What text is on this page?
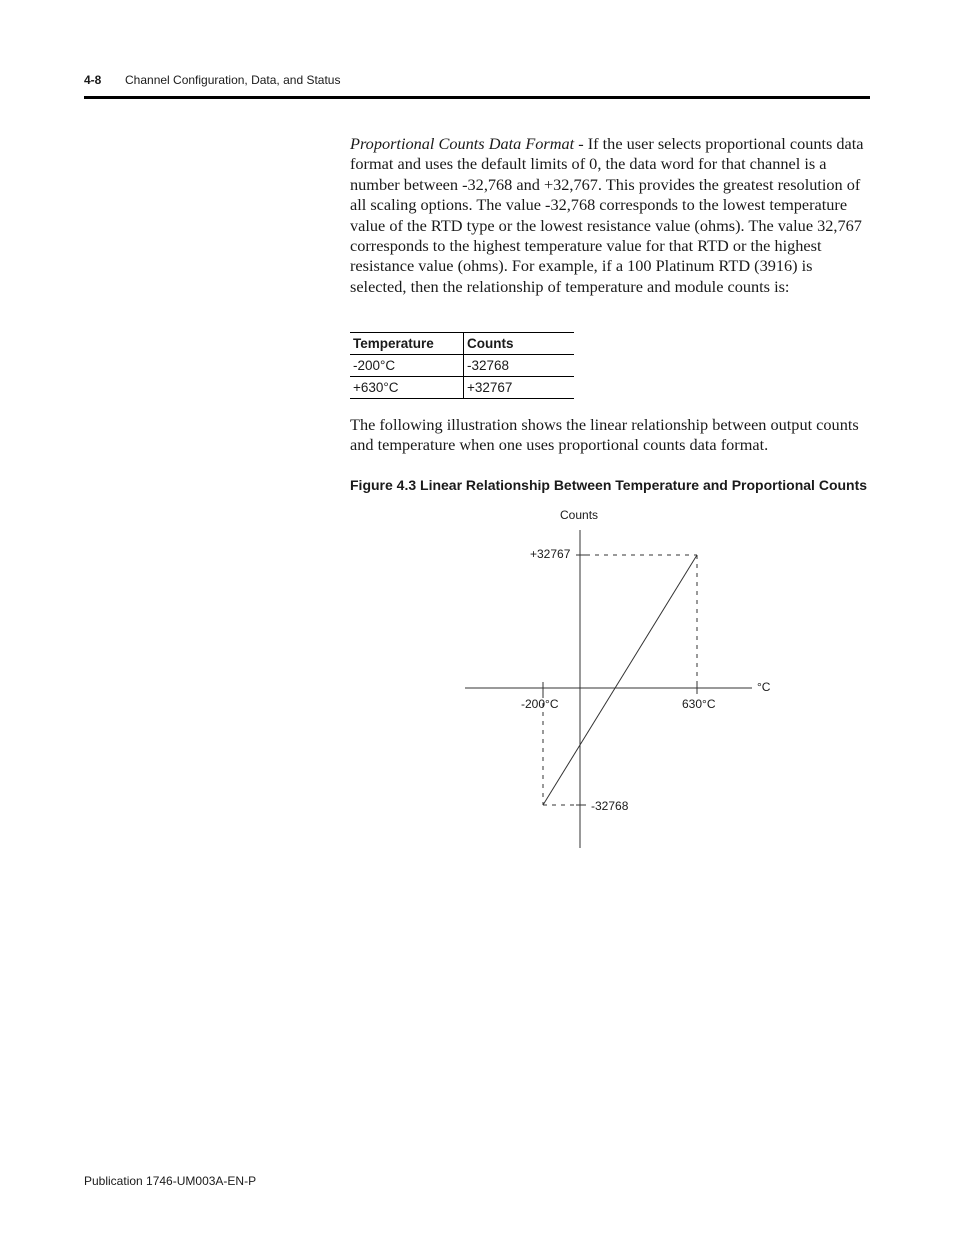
4-8 Channel Configuration, Data, and Status

Proportional Counts Data Format - If the user selects proportional counts data format and uses the default limits of 0, the data word for that channel is a number between -32,768 and +32,767. This provides the greatest resolution of all scaling options. The value -32,768 corresponds to the lowest temperature value of the RTD type or the lowest resistance value (ohms). The value 32,767 corresponds to the highest temperature value for that RTD or the highest resistance value (ohms). For example, if a 100 Platinum RTD (3916) is selected, then the relationship of temperature and module counts is:

Temperature	Counts
-200°C	-32768
+630°C	+32767

The following illustration shows the linear relationship between output counts and temperature when one uses proportional counts data format.

Figure 4.3 Linear Relationship Between Temperature and Proportional Counts
Counts
°C
-200°C	630°C
+32767
-32768
Publication 1746-UM003A-EN-P
